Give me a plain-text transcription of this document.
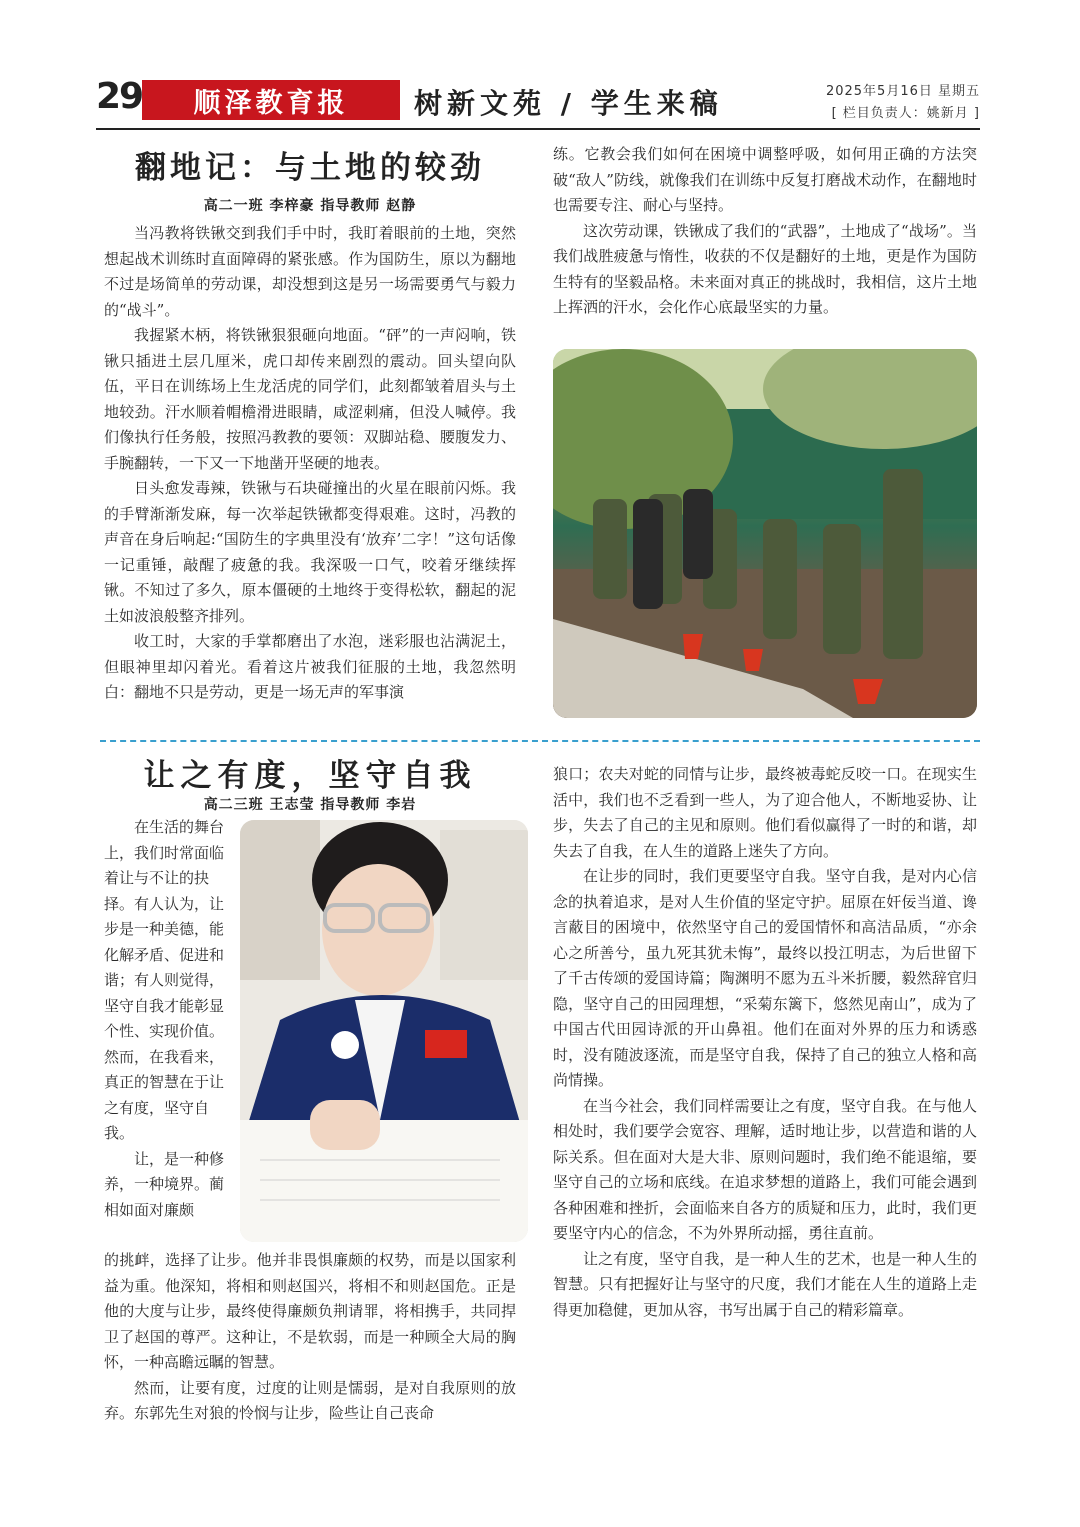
29 顺泽教育报 树新文苑 / 学生来稿	2025年5月16日 星期五
[ 栏目负责人：姚新月 ]
翻地记：与土地的较劲
高二一班 李梓豪 指导教师 赵静

当冯教将铁锹交到我们手中时，我盯着眼前的土地，突然想起战术训练时直面障碍的紧张感。作为国防生，原以为翻地不过是场简单的劳动课，却没想到这是另一场需要勇气与毅力的“战斗”。

我握紧木柄，将铁锹狠狠砸向地面。“砰”的一声闷响，铁锹只插进土层几厘米，虎口却传来剧烈的震动。回头望向队伍，平日在训练场上生龙活虎的同学们，此刻都皱着眉头与土地较劲。汗水顺着帽檐滑进眼睛，咸涩刺痛，但没人喊停。我们像执行任务般，按照冯教教的要领：双脚站稳、腰腹发力、手腕翻转，一下又一下地凿开坚硬的地表。

日头愈发毒辣，铁锹与石块碰撞出的火星在眼前闪烁。我的手臂渐渐发麻，每一次举起铁锹都变得艰难。这时，冯教的声音在身后响起:“国防生的字典里没有‘放弃’二字！”这句话像一记重锤，敲醒了疲惫的我。我深吸一口气，咬着牙继续挥锹。不知过了多久，原本僵硬的土地终于变得松软，翻起的泥土如波浪般整齐排列。

收工时，大家的手掌都磨出了水泡，迷彩服也沾满泥土，但眼神里却闪着光。看着这片被我们征服的土地，我忽然明白：翻地不只是劳动，更是一场无声的军事演

练。它教会我们如何在困境中调整呼吸，如何用正确的方法突破“敌人”防线，就像我们在训练中反复打磨战术动作，在翻地时也需要专注、耐心与坚持。

这次劳动课，铁锹成了我们的“武器”，土地成了“战场”。当我们战胜疲惫与惰性，收获的不仅是翻好的土地，更是作为国防生特有的坚毅品格。未来面对真正的挑战时，我相信，这片土地上挥洒的汗水，会化作心底最坚实的力量。

让之有度，坚守自我
高二三班 王志莹 指导教师 李岩

在生活的舞台上，我们时常面临着让与不让的抉择。有人认为，让步是一种美德，能化解矛盾、促进和谐；有人则觉得，坚守自我才能彰显个性、实现价值。然而，在我看来，真正的智慧在于让之有度，坚守自我。

让，是一种修养，一种境界。蔺相如面对廉颇

的挑衅，选择了让步。他并非畏惧廉颇的权势，而是以国家利益为重。他深知，将相和则赵国兴，将相不和则赵国危。正是他的大度与让步，最终使得廉颇负荆请罪，将相携手，共同捍卫了赵国的尊严。这种让，不是软弱，而是一种顾全大局的胸怀，一种高瞻远瞩的智慧。

然而，让要有度，过度的让则是懦弱，是对自我原则的放弃。东郭先生对狼的怜悯与让步，险些让自己丧命

狼口；农夫对蛇的同情与让步，最终被毒蛇反咬一口。在现实生活中，我们也不乏看到一些人，为了迎合他人，不断地妥协、让步，失去了自己的主见和原则。他们看似赢得了一时的和谐，却失去了自我，在人生的道路上迷失了方向。

在让步的同时，我们更要坚守自我。坚守自我，是对内心信念的执着追求，是对人生价值的坚定守护。屈原在奸佞当道、谗言蔽目的困境中，依然坚守自己的爱国情怀和高洁品质，“亦余心之所善兮，虽九死其犹未悔”，最终以投江明志，为后世留下了千古传颂的爱国诗篇；陶渊明不愿为五斗米折腰，毅然辞官归隐，坚守自己的田园理想，“采菊东篱下，悠然见南山”，成为了中国古代田园诗派的开山鼻祖。他们在面对外界的压力和诱惑时，没有随波逐流，而是坚守自我，保持了自己的独立人格和高尚情操。

在当今社会，我们同样需要让之有度，坚守自我。在与他人相处时，我们要学会宽容、理解，适时地让步，以营造和谐的人际关系。但在面对大是大非、原则问题时，我们绝不能退缩，要坚守自己的立场和底线。在追求梦想的道路上，我们可能会遇到各种困难和挫折，会面临来自各方的质疑和压力，此时，我们更要坚守内心的信念，不为外界所动摇，勇往直前。

让之有度，坚守自我，是一种人生的艺术，也是一种人生的智慧。只有把握好让与坚守的尺度，我们才能在人生的道路上走得更加稳健，更加从容，书写出属于自己的精彩篇章。
